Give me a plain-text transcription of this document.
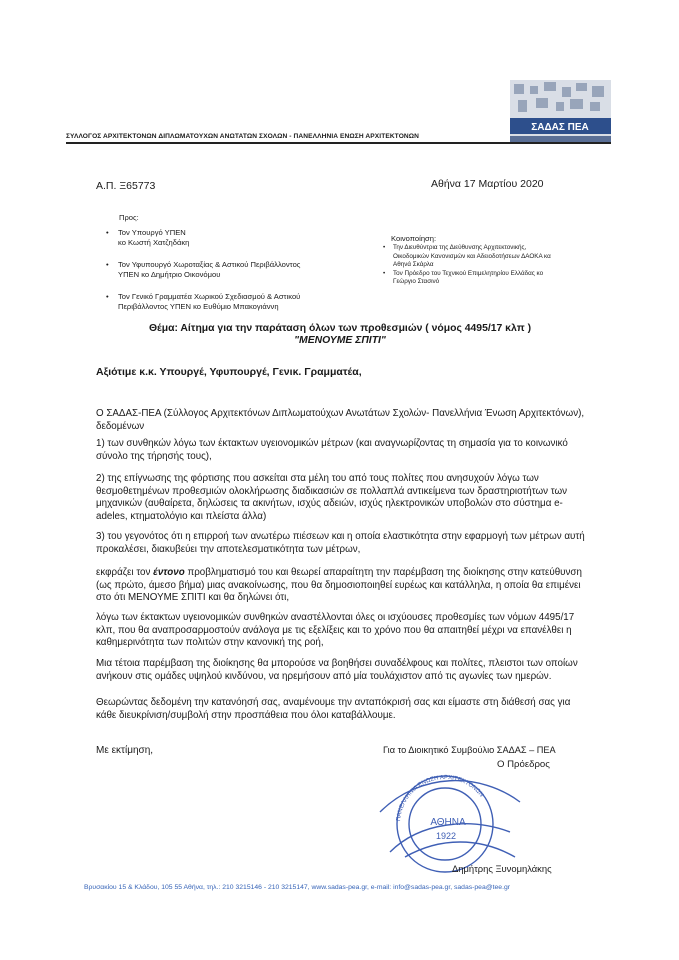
ΣΑΔΑΣ ΠΕΑ
ΣΥΛΛΟΓΟΣ ΑΡΧΙΤΕΚΤΟΝΩΝ ΔΙΠΛΩΜΑΤΟΥΧΩΝ ΑΝΩΤΑΤΩΝ ΣΧΟΛΩΝ - ΠΑΝΕΛΛΗΝΙΑ ΕΝΩΣΗ ΑΡΧΙΤΕΚΤΟΝΩΝ
Α.Π. Ξ65773	Αθήνα 17 Μαρτίου 2020
Προς:
• Τον Υπουργό ΥΠΕΝ
κο Κωστή Χατζηδάκη
• Τον Υφυπουργό Χωροταξίας & Αστικού Περιβάλλοντος
ΥΠΕΝ κο Δημήτριο Οικονόμου
• Τον Γενικό Γραμματέα Χωρικού Σχεδιασμού & Αστικού
Περιβάλλοντος ΥΠΕΝ κο Ευθύμιο Μπακογιάννη
Κοινοποίηση:
• Την Διευθύντρια της Διεύθυνσης Αρχιτεκτονικής,
Οικοδομικών Κανονισμών και Αδειοδοτήσεων ΔΑΟΚΑ κα
Αθηνά Σκάρλα
• Τον Πρόεδρο του Τεχνικού Επιμελητηρίου Ελλάδας κο
Γεώργιο Στασινό
Θέμα: Αίτημα για την παράταση όλων των προθεσμιών ( νόμος 4495/17 κλπ )
"ΜΕΝΟΥΜΕ ΣΠΙΤΙ"
Αξιότιμε κ.κ. Υπουργέ, Υφυπουργέ, Γενικ. Γραμματέα,
Ο ΣΑΔΑΣ-ΠΕΑ (Σύλλογος Αρχιτεκτόνων Διπλωματούχων Ανωτάτων Σχολών- Πανελλήνια Ένωση Αρχιτεκτόνων), δεδομένων
1) των συνθηκών λόγω των έκτακτων υγειονομικών μέτρων (και αναγνωρίζοντας τη σημασία για το κοινωνικό σύνολο της τήρησής τους),
2) της επίγνωσης της φόρτισης που ασκείται στα μέλη του από τους πολίτες που ανησυχούν λόγω των θεσμοθετημένων προθεσμιών ολοκλήρωσης διαδικασιών σε πολλαπλά αντικείμενα των δραστηριοτήτων των μηχανικών (αυθαίρετα, δηλώσεις τα ακινήτων, ισχύς αδειών, ισχύς ηλεκτρονικών υποβολών στο σύστημα e-adeles, κτηματολόγιο και πλείστα άλλα)
3) του γεγονότος ότι η επιρροή των ανωτέρω πιέσεων και η οποία ελαστικότητα στην εφαρμογή των μέτρων αυτή προκαλέσει, διακυβεύει την αποτελεσματικότητα των μέτρων,
εκφράζει τον έντονο προβληματισμό του και θεωρεί απαραίτητη την παρέμβαση της διοίκησης στην κατεύθυνση (ως πρώτο, άμεσο βήμα) μιας ανακοίνωσης, που θα δημοσιοποιηθεί ευρέως και κατάλληλα, η οποία θα επιμένει στο ότι ΜΕΝΟΥΜΕ ΣΠΙΤΙ και θα δηλώνει ότι,
λόγω των έκτακτων υγειονομικών συνθηκών αναστέλλονται όλες οι ισχύουσες προθεσμίες των νόμων 4495/17 κλπ, που θα αναπροσαρμοστούν ανάλογα με τις εξελίξεις και το χρόνο που θα απαιτηθεί μέχρι να επανέλθει η καθημερινότητα των πολιτών στην κανονική της ροή,
Μια τέτοια παρέμβαση της διοίκησης θα μπορούσε να βοηθήσει συναδέλφους και πολίτες, πλειστοι των οποίων ανήκουν στις ομάδες υψηλού κινδύνου, να ηρεμήσουν από μία τουλάχιστον από τις αγωνίες των ημερών.
Θεωρώντας δεδομένη την κατανόησή σας, αναμένουμε την ανταπόκρισή σας και είμαστε στη διάθεσή σας για κάθε διευκρίνιση/συμβολή στην προσπάθεια που όλοι καταβάλλουμε.
Με εκτίμηση,	Για το Διοικητικό Συμβούλιο ΣΑΔΑΣ – ΠΕΑ
Ο Πρόεδρος
ΠΑΝΕΛΛΗΝΙΑ ΕΝΩΣΗ ΑΡΧΙΤΕΚΤΟΝΩΝ
ΑΘΗΝΑ
1922
Δημήτρης Ξυνομηλάκης
Βρυσακίου 15 & Κλάδου, 105 55 Αθήνα, τηλ.: 210 3215146 - 210 3215147, www.sadas-pea.gr, e-mail: info@sadas-pea.gr, sadas-pea@tee.gr
